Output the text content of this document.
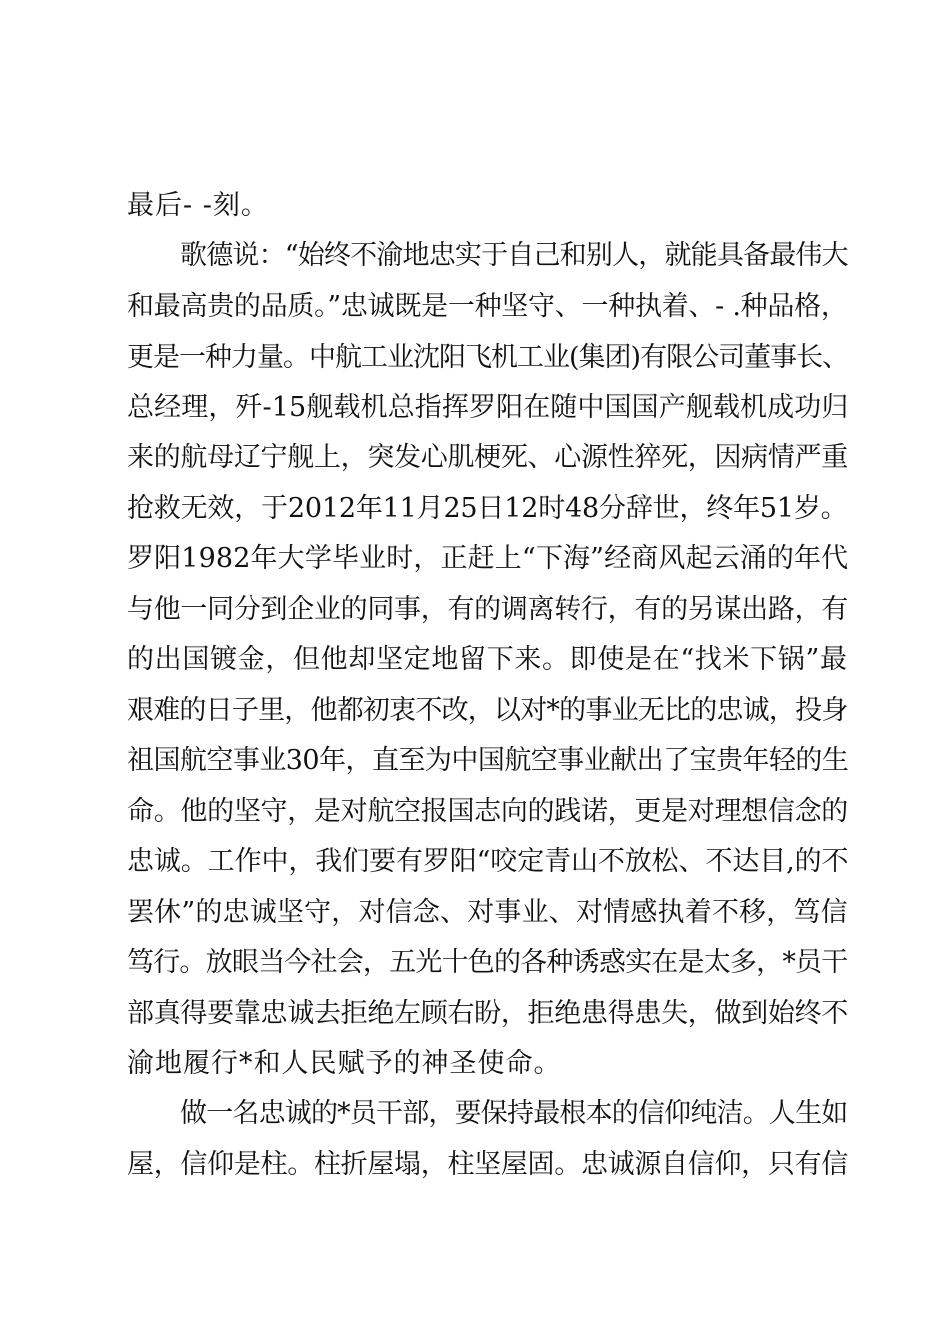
最后- -刻。
歌德说：“始终不渝地忠实于自己和别人，就能具备最伟大
和最高贵的品质。”忠诚既是一种坚守、一种执着、- .种品格，
更是一种力量。中航工业沈阳飞机工业(集团)有限公司董事长、
总经理，歼-15舰载机总指挥罗阳在随中国国产舰载机成功归
来的航母辽宁舰上，突发心肌梗死、心源性猝死，因病情严重
抢救无效，于2012年11月25日12时48分辞世，终年51岁。
罗阳1982年大学毕业时，正赶上“下海”经商风起云涌的年代
与他一同分到企业的同事，有的调离转行，有的另谋出路，有
的出国镀金，但他却坚定地留下来。即使是在“找米下锅”最
艰难的日子里，他都初衷不改，以对*的事业无比的忠诚，投身
祖国航空事业30年，直至为中国航空事业献出了宝贵年轻的生
命。他的坚守，是对航空报国志向的践诺，更是对理想信念的
忠诚。工作中，我们要有罗阳“咬定青山不放松、不达目,的不
罢休”的忠诚坚守，对信念、对事业、对情感执着不移，笃信
笃行。放眼当今社会，五光十色的各种诱惑实在是太多，*员干
部真得要靠忠诚去拒绝左顾右盼，拒绝患得患失，做到始终不
渝地履行*和人民赋予的神圣使命。
做一名忠诚的*员干部，要保持最根本的信仰纯洁。人生如
屋，信仰是柱。柱折屋塌，柱坚屋固。忠诚源自信仰，只有信
